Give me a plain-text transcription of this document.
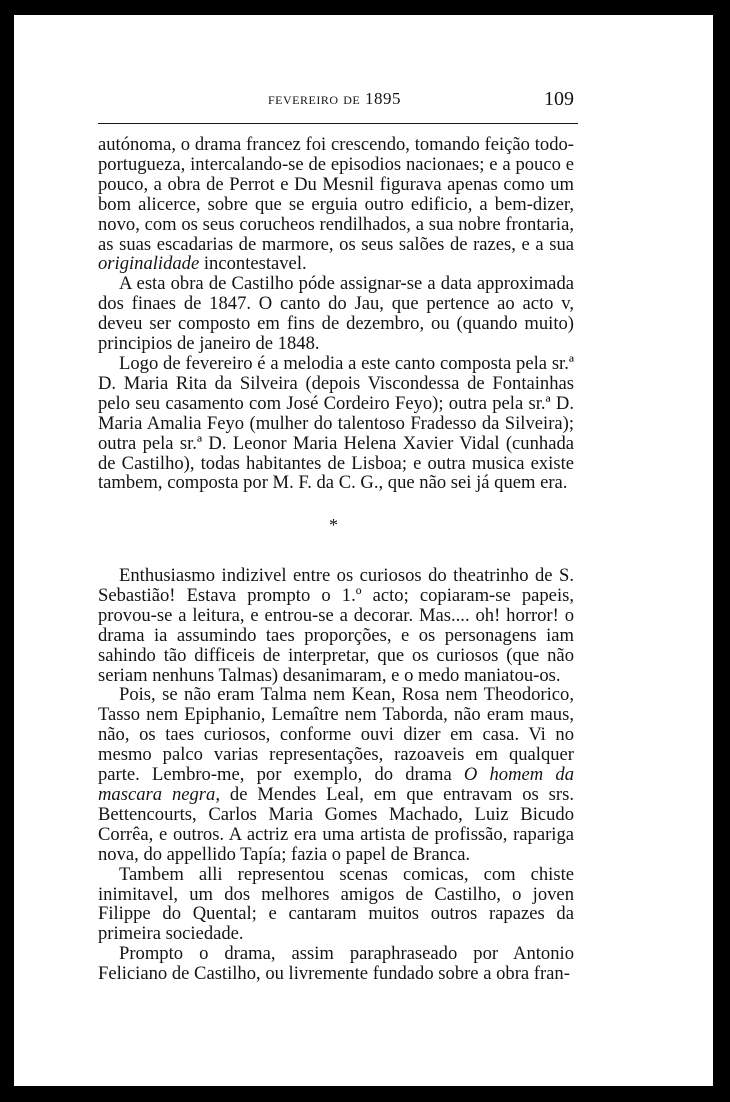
fevereiro de 1895	109

autónoma, o drama francez foi crescendo, tomando feição todo-portugueza, intercalando-se de episodios nacionaes; e a pouco e pouco, a obra de Perrot e Du Mesnil figurava apenas como um bom alicerce, sobre que se erguia outro edificio, a bem-dizer, novo, com os seus corucheos rendilhados, a sua nobre frontaria, as suas escadarias de marmore, os seus salões de razes, e a sua originalidade incontestavel.

A esta obra de Castilho póde assignar-se a data approximada dos finaes de 1847. O canto do Jau, que pertence ao acto v, deveu ser composto em fins de dezembro, ou (quando muito) principios de janeiro de 1848.

Logo de fevereiro é a melodia a este canto composta pela sr.ª D. Maria Rita da Silveira (depois Viscondessa de Fontainhas pelo seu casamento com José Cordeiro Feyo); outra pela sr.ª D. Maria Amalia Feyo (mulher do talentoso Fradesso da Silveira); outra pela sr.ª D. Leonor Maria Helena Xavier Vidal (cunhada de Castilho), todas habitantes de Lisboa; e outra musica existe tambem, composta por M. F. da C. G., que não sei já quem era.

*

Enthusiasmo indizivel entre os curiosos do theatrinho de S. Sebastião! Estava prompto o 1.º acto; copiaram-se papeis, provou-se a leitura, e entrou-se a decorar. Mas.... oh! horror! o drama ia assumindo taes proporções, e os personagens iam sahindo tão difficeis de interpretar, que os curiosos (que não seriam nenhuns Talmas) desanimaram, e o medo maniatou-os.

Pois, se não eram Talma nem Kean, Rosa nem Theodorico, Tasso nem Epiphanio, Lemaître nem Taborda, não eram maus, não, os taes curiosos, conforme ouvi dizer em casa. Vi no mesmo palco varias representações, razoaveis em qualquer parte. Lembro-me, por exemplo, do drama O homem da mascara negra, de Mendes Leal, em que entravam os srs. Bettencourts, Carlos Maria Gomes Machado, Luiz Bicudo Corrêa, e outros. A actriz era uma artista de profissão, rapariga nova, do appellido Tapía; fazia o papel de Branca.

Tambem alli representou scenas comicas, com chiste inimitavel, um dos melhores amigos de Castilho, o joven Filippe do Quental; e cantaram muitos outros rapazes da primeira sociedade.

Prompto o drama, assim paraphraseado por Antonio Feliciano de Castilho, ou livremente fundado sobre a obra fran-
